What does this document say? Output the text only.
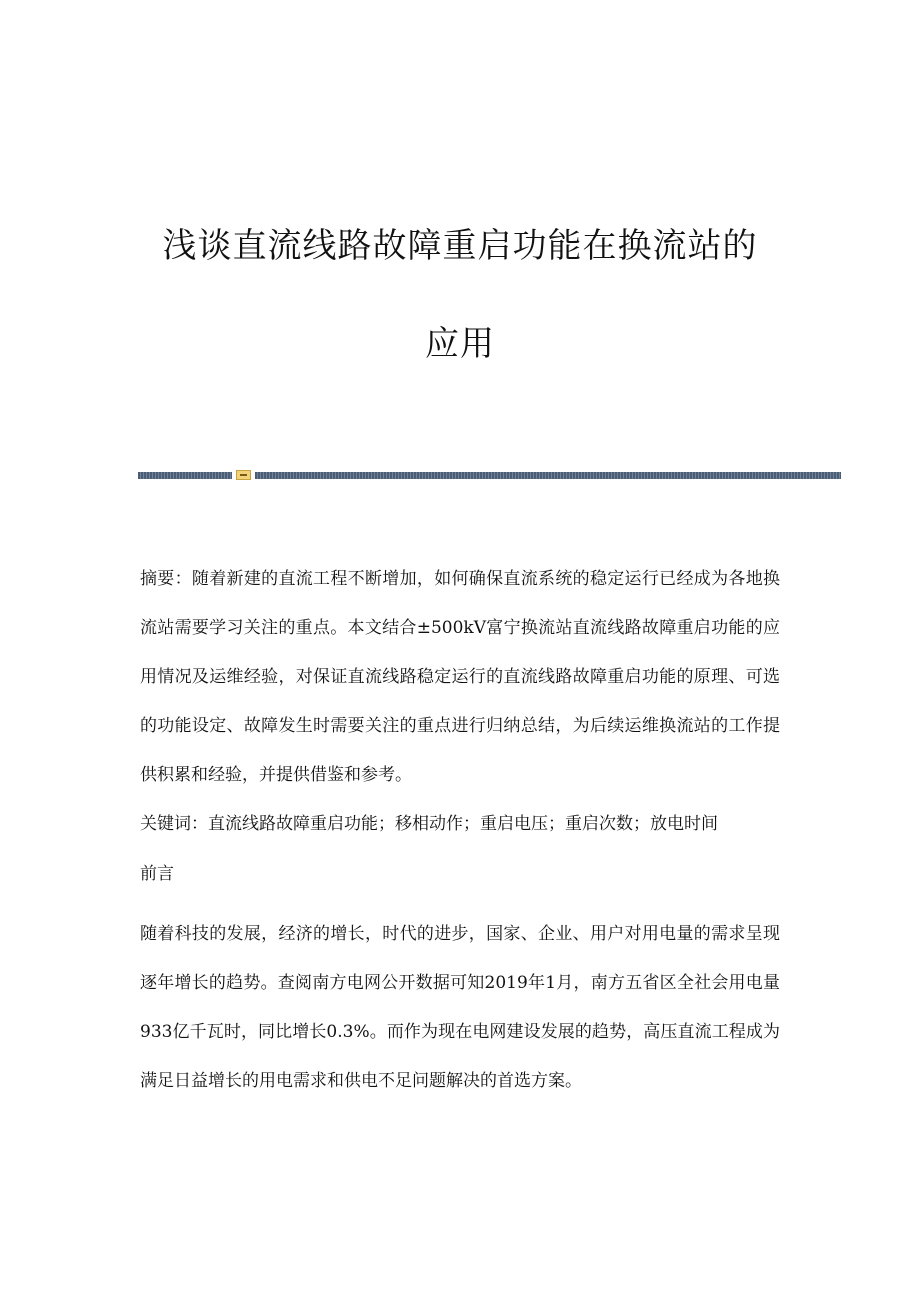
浅谈直流线路故障重启功能在换流站的
应用
摘要：随着新建的直流工程不断增加，如何确保直流系统的稳定运行已经成为各地换流站需要学习关注的重点。本文结合±500kV富宁换流站直流线路故障重启功能的应用情况及运维经验，对保证直流线路稳定运行的直流线路故障重启功能的原理、可选的功能设定、故障发生时需要关注的重点进行归纳总结，为后续运维换流站的工作提供积累和经验，并提供借鉴和参考。
关键词：直流线路故障重启功能；移相动作；重启电压；重启次数；放电时间
前言
随着科技的发展，经济的增长，时代的进步，国家、企业、用户对用电量的需求呈现逐年增长的趋势。查阅南方电网公开数据可知2019年1月，南方五省区全社会用电量933亿千瓦时，同比增长0.3%。而作为现在电网建设发展的趋势，高压直流工程成为满足日益增长的用电需求和供电不足问题解决的首选方案。
